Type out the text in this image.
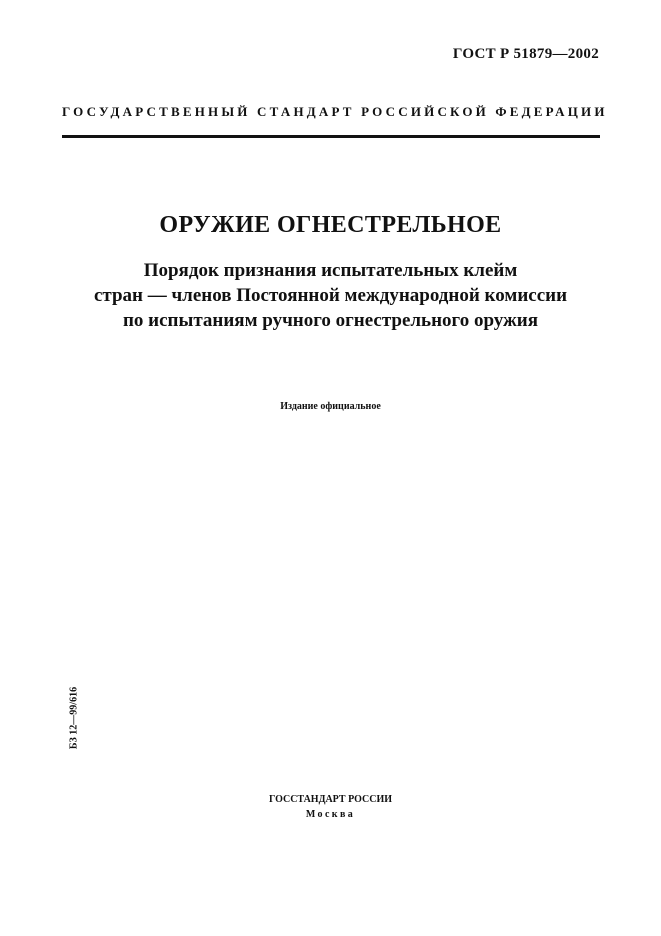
ГОСТ Р 51879—2002
ГОСУДАРСТВЕННЫЙ СТАНДАРТ РОССИЙСКОЙ ФЕДЕРАЦИИ
ОРУЖИЕ ОГНЕСТРЕЛЬНОЕ
Порядок признания испытательных клейм
стран — членов Постоянной международной комиссии
по испытаниям ручного огнестрельного оружия
Издание официальное
БЗ 12—99/616
ГОССТАНДАРТ РОССИИ
Москва
